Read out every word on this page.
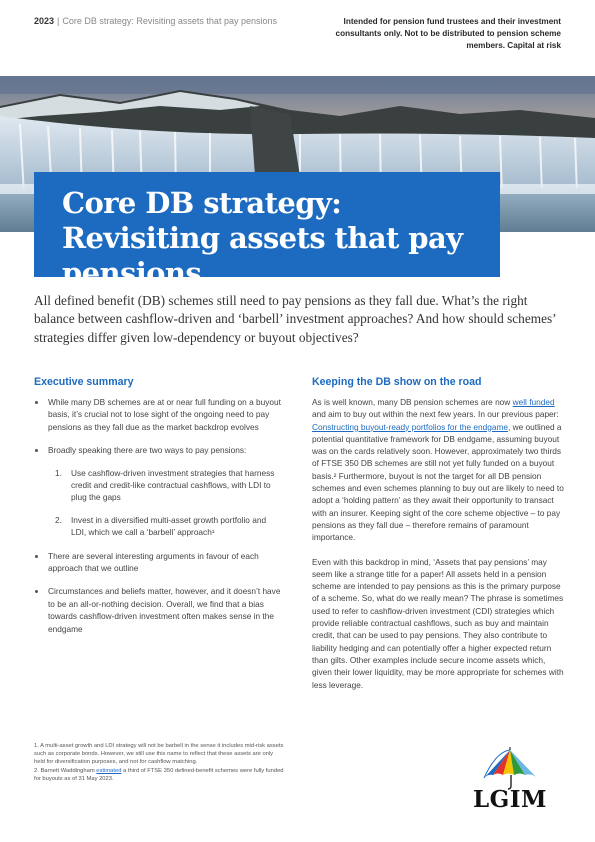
2023 | Core DB strategy: Revisiting assets that pay pensions	Intended for pension fund trustees and their investment consultants only. Not to be distributed to pension scheme members. Capital at risk
Core DB strategy: Revisiting assets that pay pensions
All defined benefit (DB) schemes still need to pay pensions as they fall due. What’s the right balance between cashflow-driven and ‘barbell’ investment approaches? And how should schemes’ strategies differ given low-dependency or buyout objectives?
Executive summary
While many DB schemes are at or near full funding on a buyout basis, it’s crucial not to lose sight of the ongoing need to pay pensions as they fall due as the market backdrop evolves
Broadly speaking there are two ways to pay pensions:
1. Use cashflow-driven investment strategies that harness credit and credit-like contractual cashflows, with LDI to plug the gaps
2. Invest in a diversified multi-asset growth portfolio and LDI, which we call a ‘barbell’ approach¹
There are several interesting arguments in favour of each approach that we outline
Circumstances and beliefs matter, however, and it doesn’t have to be an all-or-nothing decision. Overall, we find that a bias towards cashflow-driven investment often makes sense in the endgame
Keeping the DB show on the road

As is well known, many DB pension schemes are now well funded and aim to buy out within the next few years. In our previous paper: Constructing buyout-ready portfolios for the endgame, we outlined a potential quantitative framework for DB endgame, assuming buyout was on the cards relatively soon. However, approximately two thirds of FTSE 350 DB schemes are still not yet fully funded on a buyout basis.² Furthermore, buyout is not the target for all DB pension schemes and even schemes planning to buy out are likely to need to adopt a ‘holding pattern’ as they await their opportunity to transact with an insurer. Keeping sight of the core scheme objective – to pay pensions as they fall due – therefore remains of paramount importance.

Even with this backdrop in mind, ‘Assets that pay pensions’ may seem like a strange title for a paper! All assets held in a pension scheme are intended to pay pensions as this is the primary purpose of a scheme. So, what do we really mean? The phrase is sometimes used to refer to cashflow-driven investment (CDI) strategies which provide reliable contractual cashflows, such as buy and maintain credit, that can be used to pay pensions. They also contribute to liability hedging and can potentially offer a higher expected return than gilts. Other examples include secure income assets which, given their lower liquidity, may be more appropriate for schemes with less leverage.

1. A multi-asset growth and LDI strategy will not be barbell in the sense it includes mid-risk assets such as corporate bonds. However, we still use this name to reflect that these assets are only held for diversification purposes, and not for cashflow matching.

2. Barnett Waddingham estimated a third of FTSE 350 defined-benefit schemes were fully funded for buyouts as of 31 May 2023.

LGIM
